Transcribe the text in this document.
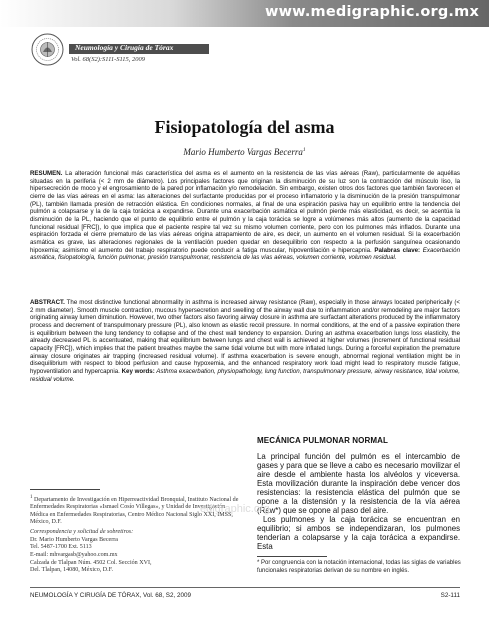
www.medigraphic.org.mx
Neumología y Cirugía de Tórax
Vol. 68(S2):S111-S115, 2009
Fisiopatología del asma
Mario Humberto Vargas Becerra$^1$

RESUMEN. La alteración funcional más característica del asma es el aumento en la resistencia de las vías aéreas (Raw), particularmente de aquéllas situadas en la periferia (< 2 mm de diámetro). Los principales factores que originan la disminución de su luz son la contracción del músculo liso, la hipersecreción de moco y el engrosamiento de la pared por inflamación y/o remodelación. Sin embargo, existen otros dos factores que también favorecen el cierre de las vías aéreas en el asma: las alteraciones del surfactante producidas por el proceso inflamatorio y la disminución de la presión transpulmonar (PL), también llamada presión de retracción elástica. En condiciones normales, al final de una espiración pasiva hay un equilibrio entre la tendencia del pulmón a colapsarse y la de la caja torácica a expandirse. Durante una exacerbación asmática el pulmón pierde más elasticidad, es decir, se acentúa la disminución de la PL, haciendo que el punto de equilibrio entre el pulmón y la caja torácica se logre a volúmenes más altos (aumento de la capacidad funcional residual [FRC]), lo que implica que el paciente respire tal vez su mismo volumen corriente, pero con los pulmones más inflados. Durante una espiración forzada el cierre prematuro de las vías aéreas origina atrapamiento de aire, es decir, un aumento en el volumen residual. Si la exacerbación asmática es grave, las alteraciones regionales de la ventilación pueden quedar en desequilibrio con respecto a la perfusión sanguínea ocasionando hipoxemia; asimismo el aumento del trabajo respiratorio puede conducir a fatiga muscular, hipoventilación e hipercapnia. Palabras clave: Exacerbación asmática, fisiopatología, función pulmonar, presión transpulmonar, resistencia de las vías aéreas, volumen corriente, volumen residual.

ABSTRACT. The most distinctive functional abnormality in asthma is increased airway resistance (Raw), especially in those airways located peripherically (< 2 mm diameter). Smooth muscle contraction, mucous hypersecretion and swelling of the airway wall due to inflammation and/or remodeling are major factors originating airway lumen diminution. However, two other factors also favoring airway closure in asthma are surfactant alterations produced by the inflammatory process and decrement of transpulmonary pressure (PL), also known as elastic recoil pressure. In normal conditions, at the end of a passive expiration there is equilibrium between the lung tendency to collapse and of the chest wall tendency to expansion. During an asthma exacerbation lungs loss elasticity, the already decreased PL is accentuated, making that equilibrium between lungs and chest wall is achieved at higher volumes (increment of functional residual capacity [FRC]), which implies that the patient breathes maybe the same tidal volume but with more inflated lungs. During a forceful expiration the premature airway closure originates air trapping (increased residual volume). If asthma exacerbation is severe enough, abnormal regional ventilation might be in disequilibrium with respect to blood perfusion and cause hypoxemia, and the enhanced respiratory work load might lead to respiratory muscle fatigue, hypoventilation and hypercapnia. Key words: Asthma exacerbation, physiopathology, lung function, transpulmonary pressure, airway resistance, tidal volume, residual volume.

MECÁNICA PULMONAR NORMAL

La principal función del pulmón es el intercambio de gases y para que se lleve a cabo es necesario movilizar el aire desde el ambiente hasta los alvéolos y viceversa. Esta movilización durante la inspiración debe vencer dos resistencias: la resistencia elástica del pulmón que se opone a la distensión y la resistencia de la vía aérea (Raw*) que se opone al paso del aire.

Los pulmones y la caja torácica se encuentran en equilibrio; si ambos se independizaran, los pulmones tenderían a colapsarse y la caja torácica a expandirse. Esta

$^1$ Departamento de Investigación en Hiperreactividad Bronquial, Instituto Nacional de Enfermedades Respiratorias «Ismael Cosío Villegas», y Unidad de Investigación Médica en Enfermedades Respiratorias, Centro Médico Nacional Siglo XXI, IMSS, México, D.F.
Correspondencia y solicitud de sobretiros:
Dr. Mario Humberto Vargas Becerra
Tel. 5487-1700 Ext. 5113
E-mail: mhvargasb@yahoo.com.mx
Calzada de Tlalpan Núm. 4502 Col. Sección XVI,
Del. Tlalpan, 14080, México, D.F.
edigraphic.org
* Por congruencia con la notación internacional, todas las siglas de variables funcionales respiratorias derivan de su nombre en inglés.
NEUMOLOGÍA Y CIRUGÍA DE TÓRAX, Vol. 68, S2, 2009	S2-111
